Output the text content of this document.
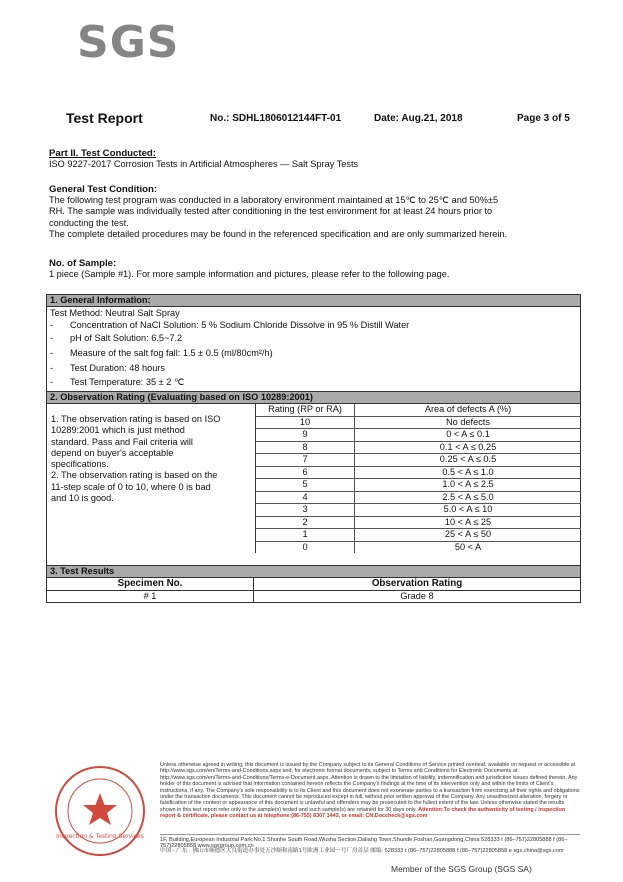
SGS
Test Report	No.: SDHL1806012144FT-01	Date: Aug.21, 2018	Page 3 of 5
Part II. Test Conducted:
ISO 9227-2017 Corrosion Tests in Artificial Atmospheres — Salt Spray Tests
General Test Condition:
The following test program was conducted in a laboratory environment maintained at 15℃ to 25℃ and 50%±5
RH. The sample was individually tested after conditioning in the test environment for at least 24 hours prior to
conducting the test.
The complete detailed procedures may be found in the referenced specification and are only summarized herein.
No. of Sample:
1 piece (Sample #1). For more sample information and pictures, please refer to the following page.
1. General Information:
Test Method: Neutral Salt Spray
- Concentration of NaCl Solution: 5 % Sodium Chloride Dissolve in 95 % Distill Water
- pH of Salt Solution: 6.5~7.2
- Measure of the salt fog fall: 1.5 ± 0.5 (ml/80cm²/h)
- Test Duration: 48 hours
- Test Temperature: 35 ± 2 ℃
2. Observation Rating (Evaluating based on ISO 10289:2001)
1. The observation rating is based on ISO
10289:2001 which is just method
standard. Pass and Fail criteria will
depend on buyer's acceptable
specifications.
2. The observation rating is based on the
11-step scale of 0 to 10, where 0 is bad
and 10 is good.
Rating (RP or RA)	Area of defects A (%)
10	No defects
9	0 < A ≤ 0.1
8	0.1 < A ≤ 0.25
7	0.25 < A ≤ 0.5
6	0.5 < A ≤ 1.0
5	1.0 < A ≤ 2.5
4	2.5 < A ≤ 5.0
3	5.0 < A ≤ 10
2	10 < A ≤ 25
1	25 < A ≤ 50
0	50 < A
3. Test Results
Specimen No.	Observation Rating
# 1	Grade 8
Inspection & Testing Services
Unless otherwise agreed in writing, this document is issued by the Company subject to its General Conditions of Service printed overleaf, available on request or accessible at http://www.sgs.com/en/Terms-and-Conditions.aspx and, for electronic format documents, subject to Terms and Conditions for Electronic Documents at http://www.sgs.com/en/Terms-and-Conditions/Terms-e-Document.aspx. Attention is drawn to the limitation of liability, indemnification and jurisdiction issues defined therein. Any holder of this document is advised that information contained hereon reflects the Company's findings at the time of its intervention only and within the limits of Client's instructions, if any. The Company's sole responsibility is to its Client and this document does not exonerate parties to a transaction from exercising all their rights and obligations under the transaction documents. This document cannot be reproduced except in full, without prior written approval of the Company. Any unauthorized alteration, forgery or falsification of the content or appearance of this document is unlawful and offenders may be prosecuted to the fullest extent of the law. Unless otherwise stated the results shown in this test report refer only to the sample(s) tested and such sample(s) are retained for 30 days only. Attention:To check the authenticity of testing / inspection report & certificate, please contact us at telephone:(86-755) 8307 1443, or email: CN.Doccheck@sgs.com
1F, Building,European Industrial Park,No.1 Shunhe South Road,Wusha Section,Daliang Town,Shunde,Foshan,Guangdong,China 528333 t (86–757)22805888 f (86–757)22805858 www.sgsgroup.com.cn
中国 · 广东 · 佛山市顺德区大良街道办事处五沙顺和南路1号欧洲工业园一号厂房首层 邮编: 528333 t (86–757)22805888 f (86–757)22805858 e sgs.china@sgs.com
Member of the SGS Group (SGS SA)
